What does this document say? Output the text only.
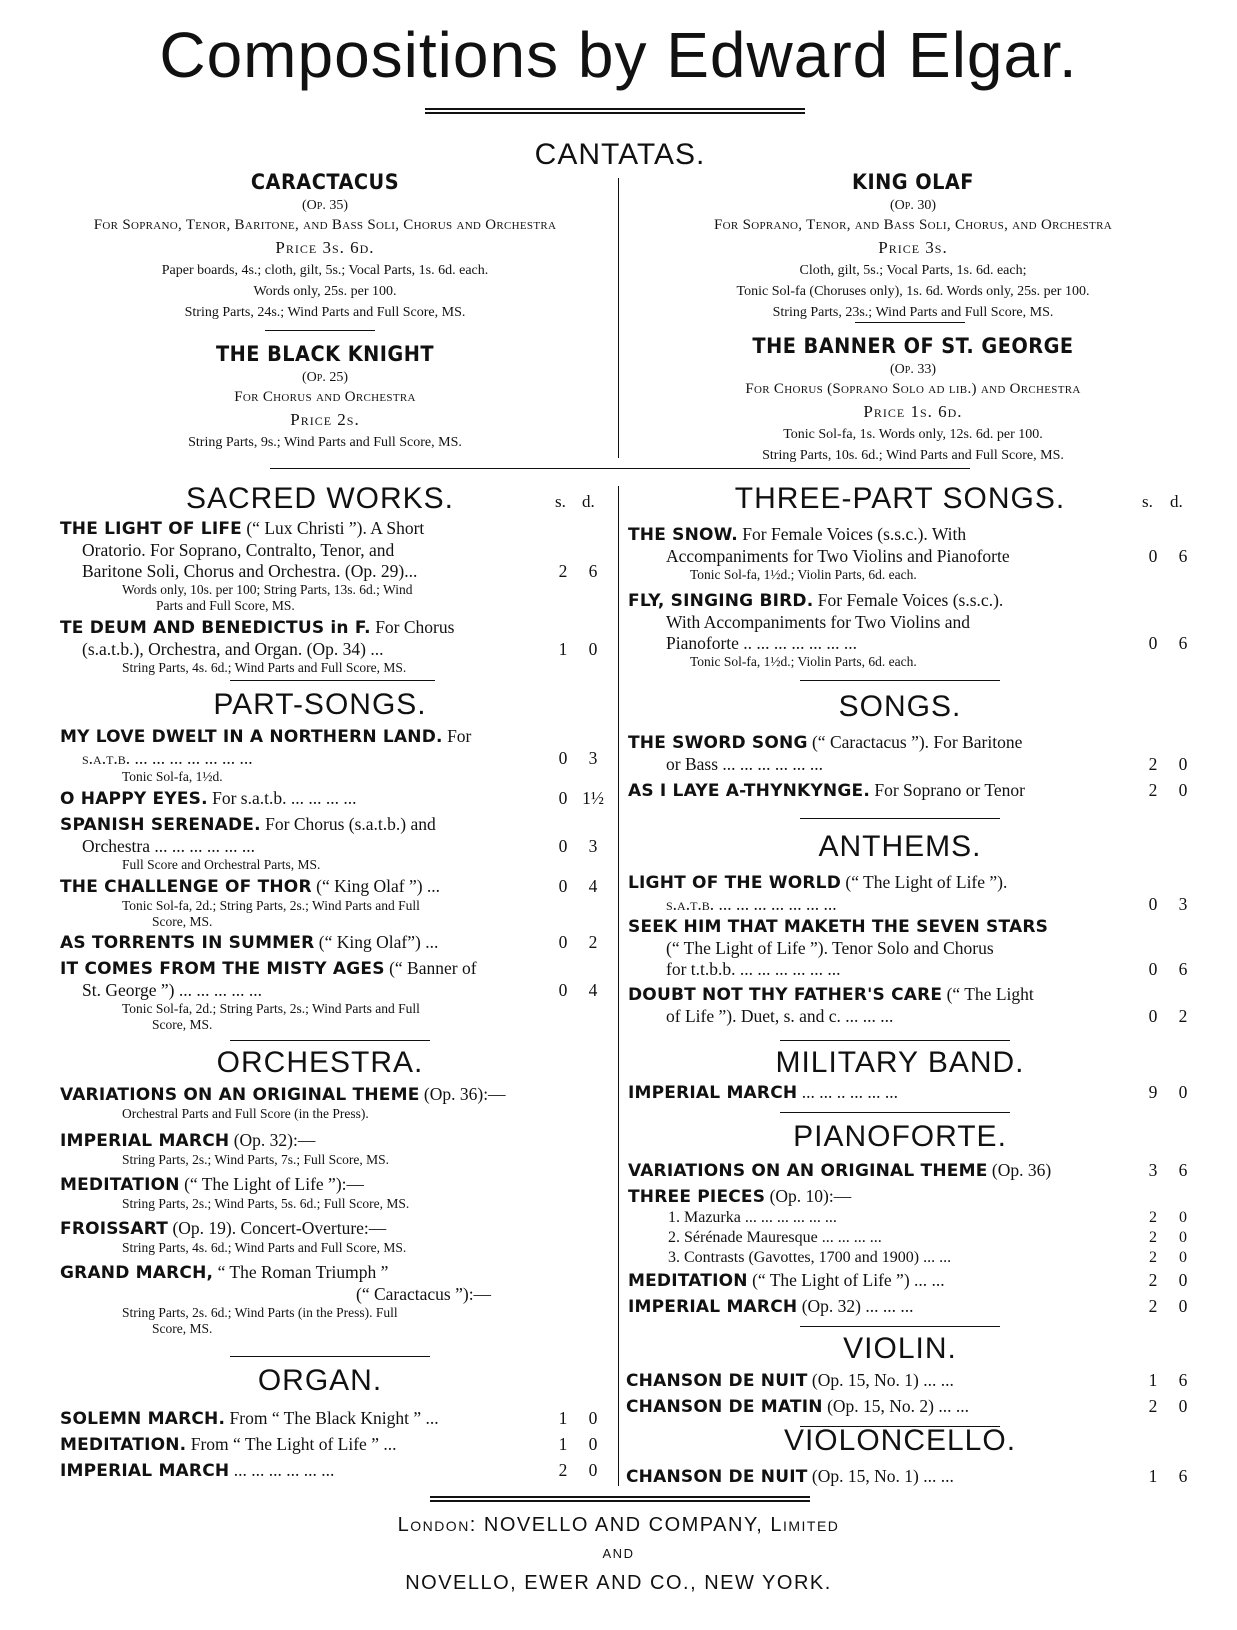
Compositions by Edward Elgar.
CANTATAS.
CARACTACUS
(Op. 35)
For Soprano, Tenor, Baritone, and Bass Soli, Chorus and Orchestra
Price 3s. 6d.
Paper boards, 4s.; cloth, gilt, 5s.; Vocal Parts, 1s. 6d. each.
Words only, 25s. per 100.
String Parts, 24s.; Wind Parts and Full Score, MS.
THE BLACK KNIGHT
(Op. 25)
For Chorus and Orchestra
Price 2s.
String Parts, 9s.; Wind Parts and Full Score, MS.
KING OLAF
(Op. 30)
For Soprano, Tenor, and Bass Soli, Chorus, and Orchestra
Price 3s.
Cloth, gilt, 5s.; Vocal Parts, 1s. 6d. each;
Tonic Sol-fa (Choruses only), 1s. 6d. Words only, 25s. per 100.
String Parts, 23s.; Wind Parts and Full Score, MS.
THE BANNER OF ST. GEORGE
(Op. 33)
For Chorus (Soprano Solo ad lib.) and Orchestra
Price 1s. 6d.
Tonic Sol-fa, 1s. Words only, 12s. 6d. per 100.
String Parts, 10s. 6d.; Wind Parts and Full Score, MS.
SACRED WORKS.	s. d.
THE LIGHT OF LIFE (“ Lux Christi ”). A Short
Oratorio. For Soprano, Contralto, Tenor, and
Baritone Soli, Chorus and Orchestra. (Op. 29)...	2	6
Words only, 10s. per 100; String Parts, 13s. 6d.; Wind
Parts and Full Score, MS.
TE DEUM AND BENEDICTUS in F. For Chorus
(s.a.t.b.), Orchestra, and Organ. (Op. 34) ...	1	0
String Parts, 4s. 6d.; Wind Parts and Full Score, MS.
PART-SONGS.
MY LOVE DWELT IN A NORTHERN LAND. For
s.a.t.b. ... ... ... ... ... ... ...	0	3
Tonic Sol-fa, 1½d.
O HAPPY EYES. For s.a.t.b. ... ... ... ...	0 1½
SPANISH SERENADE. For Chorus (s.a.t.b.) and
Orchestra ... ... ... ... ... ...	0	3
Full Score and Orchestral Parts, MS.
THE CHALLENGE OF THOR (“ King Olaf ”) ...	0	4
Tonic Sol-fa, 2d.; String Parts, 2s.; Wind Parts and Full
Score, MS.
AS TORRENTS IN SUMMER (“ King Olaf”) ...	0	2
IT COMES FROM THE MISTY AGES (“ Banner of
St. George ”) ... ... ... ... ...	0	4
Tonic Sol-fa, 2d.; String Parts, 2s.; Wind Parts and Full
Score, MS.
ORCHESTRA.
VARIATIONS ON AN ORIGINAL THEME (Op. 36):—
Orchestral Parts and Full Score (in the Press).
IMPERIAL MARCH (Op. 32):—
String Parts, 2s.; Wind Parts, 7s.; Full Score, MS.
MEDITATION (“ The Light of Life ”):—
String Parts, 2s.; Wind Parts, 5s. 6d.; Full Score, MS.
FROISSART (Op. 19). Concert-Overture:—
String Parts, 4s. 6d.; Wind Parts and Full Score, MS.
GRAND MARCH, “ The Roman Triumph ”
(“ Caractacus ”):—
String Parts, 2s. 6d.; Wind Parts (in the Press). Full
Score, MS.
ORGAN.
SOLEMN MARCH. From “ The Black Knight ” ...	1	0
MEDITATION. From “ The Light of Life ” ...	1	0
IMPERIAL MARCH ... ... ... ... ... ...	2	0
THREE-PART SONGS.	s. d.
THE SNOW. For Female Voices (s.s.c.). With
Accompaniments for Two Violins and Pianoforte	0	6
Tonic Sol-fa, 1½d.; Violin Parts, 6d. each.
FLY, SINGING BIRD. For Female Voices (s.s.c.).
With Accompaniments for Two Violins and
Pianoforte .. ... ... ... ... ... ...	0	6
Tonic Sol-fa, 1½d.; Violin Parts, 6d. each.
SONGS.
THE SWORD SONG (“ Caractacus ”). For Baritone
or Bass ... ... ... ... ... ...	2	0
AS I LAYE A-THYNKYNGE. For Soprano or Tenor	2	0
ANTHEMS.
LIGHT OF THE WORLD (“ The Light of Life ”).
s.a.t.b. ... ... ... ... ... ... ...	0	3
SEEK HIM THAT MAKETH THE SEVEN STARS
(“ The Light of Life ”). Tenor Solo and Chorus
for t.t.b.b. ... ... ... ... ... ...	0	6
DOUBT NOT THY FATHER'S CARE (“ The Light
of Life ”). Duet, s. and c. ... ... ...	0	2
MILITARY BAND.
IMPERIAL MARCH ... ... .. ... ... ...	9	0
PIANOFORTE.
VARIATIONS ON AN ORIGINAL THEME (Op. 36)	3	6
THREE PIECES (Op. 10):—
1. Mazurka ... ... ... ... ... ...	2	0
2. Sérénade Mauresque ... ... ... ...	2	0
3. Contrasts (Gavottes, 1700 and 1900) ... ...	2	0
MEDITATION (“ The Light of Life ”) ... ...	2	0
IMPERIAL MARCH (Op. 32) ... ... ...	2	0
VIOLIN.
CHANSON DE NUIT (Op. 15, No. 1) ... ...	1	6
CHANSON DE MATIN (Op. 15, No. 2) ... ...	2	0
VIOLONCELLO.
CHANSON DE NUIT (Op. 15, No. 1) ... ...	1	6
London: NOVELLO AND COMPANY, Limited
AND
NOVELLO, EWER AND CO., NEW YORK.
